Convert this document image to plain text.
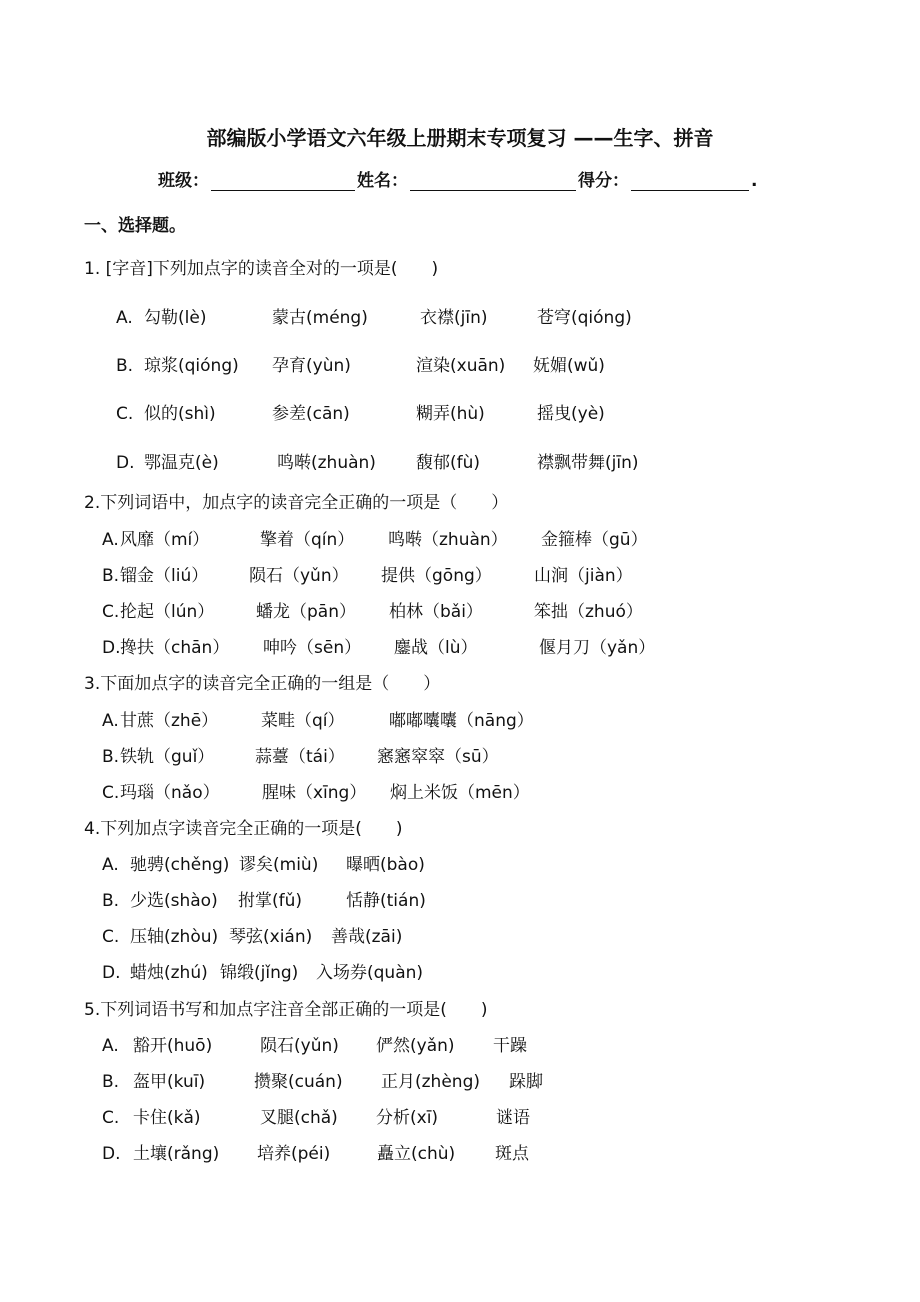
部编版小学语文六年级上册期末专项复习 ——生字、拼音
班级：	姓名：	得分：	.
一、选择题。
1. [字音]下列加点字的读音全对的一项是(　　)
A. 勾勒(lè)	蒙古(méng)	衣襟(jīn)	苍穹(qióng)
B. 琼浆(qióng) 孕育(yùn)	渲染(xuān) 妩媚(wǔ)
C. 似的(shì)	参差(cān)	糊弄(hù)	摇曳(yè)
D. 鄂温克(è)	鸣啭(zhuàn) 馥郁(fù)	襟飘带舞(jīn)
2.下列词语中，加点字的读音完全正确的一项是（　　）
A. 风靡（mí）	擎着（qín） 鸣啭（zhuàn） 金箍棒（gū）
B. 镏金（liú） 陨石（yǔn） 提供（gōng） 山涧（jiàn）
C. 抡起（lún） 蟠龙（pān） 柏林（bǎi）	笨拙（zhuó）
D. 搀扶（chān） 呻吟（sēn） 鏖战（lù）	偃月刀（yǎn）
3.下面加点字的读音完全正确的一组是（　　）
A. 甘蔗（zhē）	菜畦（qí）	嘟嘟囔囔（nāng）
B. 铁轨（guǐ） 蒜薹（tái） 窸窸窣窣（sū）
C. 玛瑙（nǎo） 腥味（xīng） 焖上米饭（mēn）
4.下列加点字读音完全正确的一项是(　　)
A. 驰骋(chěng) 谬矣(miù) 曝晒(bào)
B. 少选(shào) 拊掌(fǔ)	恬静(tián)
C. 压轴(zhòu) 琴弦(xián) 善哉(zāi)
D. 蜡烛(zhú) 锦缎(jǐng) 入场券(quàn)
5.下列词语书写和加点字注音全部正确的一项是(　　)
A. 豁开(huō)	陨石(yǔn) 俨然(yǎn) 干躁
B. 盔甲(kuī)	攒聚(cuán) 正月(zhèng) 跺脚
C. 卡住(kǎ)	叉腿(chǎ) 分析(xī)	谜语
D. 土壤(rǎng) 培养(péi)	矗立(chù) 斑点
